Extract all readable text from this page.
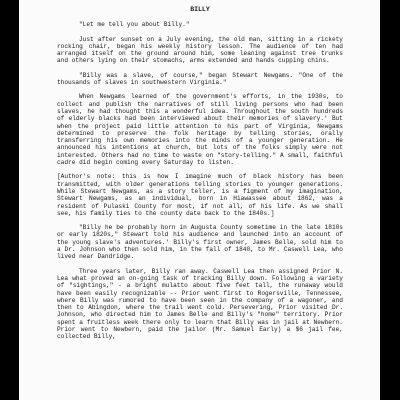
BILLY

"Let me tell you about Billy."

Just after sunset on a July evening, the old man, sitting in a rickety rocking chair, began his weekly history lesson. The audience of ten had arranged itself on the ground around him, some leaning against tree trunks and others lying on their stomachs, arms extended and hands cupping chins.

"Billy was a slave, of course," began Stewart Newgams. "One of the thousands of slaves in southwestern Virginia."

When Newgams learned of the government's efforts, in the 1930s, to collect and publish the narratives of still living persons who had been slaves, he had thought this a wonderful idea. Throughout the south hundreds of elderly blacks had been interviewed about their memories of slavery.' But when the project paid little attention to his part of Virginia, Newgams determined to preserve the folk heritage by telling stories, orally transferring his own memories into the minds of a younger generation. He announced his intentions at church, but lots of the folks simply were not interested. Others had no time to waste on "story-telling." A small, faithful cadre did begin coming every Saturday to listen.

[Author's note: this is how I imagine much of black history has been transmitted, with older generations telling stories to younger generations. While Stewart Newgams, as a story teller, is a figment of my imagination, Stewart Newgams, as an individual, born in Hiawassee about 1862, was a resident of Pulaski County for most, if not all, of his life. As we shall see, his family ties to the county date back to the 1840s.]

"Billy he be probably born in Augusta County sometime in the late 1810s or early 1820s," Stewart told his audience and launched into an account of the young slave's adventures.' Billy's first owner, James Belle, sold him to a Dr. Johnson who then sold him, in the fall of 1840, to Mr. Caswell Lea, who lived near Dandridge.

Three years later, Billy ran away. Caswell Lea then assigned Prior N. Lea what proved an on-going task of tracking Billy down. Following a variety of "sightings," - a bright mulatto about five feet tall, the runaway would have been easily recognizable -- Prior went first to Rogersville, Tennessee, where Billy was rumored to have been seen in the company of a wagoner, and then to Abingdon, where the trail went cold. Persevering, Prior visited Dr. Johnson, who directed him to James Belle and Billy's "home" territory. Prior spent a fruitless week there only to learn that Billy was in jail at Newbern. Prior went to Newbern, paid the jailor (Mr. Samuel Early) a $6 jail fee, collected Billy,
